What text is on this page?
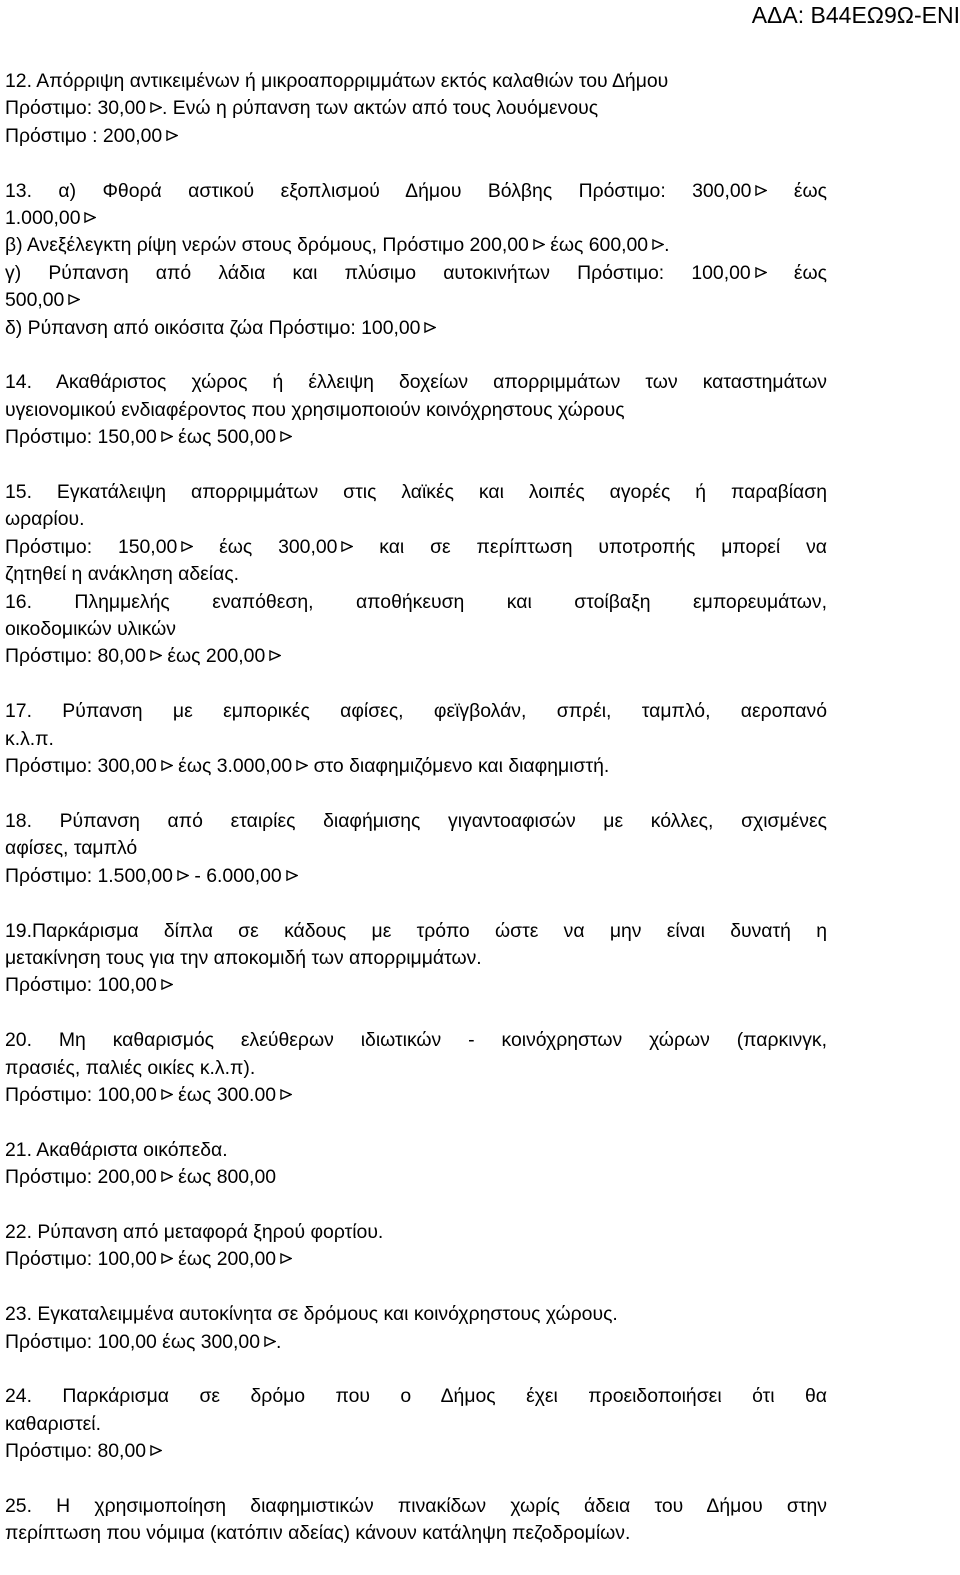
ΑΔΑ: Β44ΕΩ9Ω-ΕΝΙ
12. Απόρριψη αντικειμένων ή μικροαπορριμμάτων εκτός καλαθιών του Δήμου
Πρόστιμο: 30,00 . Ενώ η ρύπανση των ακτών από τους λουόμενους
Πρόστιμο : 200,00
13. α) Φθορά αστικού εξοπλισμού Δήμου Βόλβης Πρόστιμο: 300,00 έως
1.000,00
β) Ανεξέλεγκτη ρίψη νερών στους δρόμους, Πρόστιμο 200,00 έως 600,00 .
γ) Ρύπανση από λάδια και πλύσιμο αυτοκινήτων Πρόστιμο: 100,00 έως
500,00
δ) Ρύπανση από οικόσιτα ζώα Πρόστιμο: 100,00
14. Ακαθάριστος χώρος ή έλλειψη δοχείων απορριμμάτων των καταστημάτων
υγειονομικού ενδιαφέροντος που χρησιμοποιούν κοινόχρηστους χώρους
Πρόστιμο: 150,00 έως 500,00
15. Εγκατάλειψη απορριμμάτων στις λαϊκές και λοιπές αγορές ή παραβίαση
ωραρίου.
Πρόστιμο: 150,00 έως 300,00 και σε περίπτωση υποτροπής μπορεί να
ζητηθεί η ανάκληση αδείας.
16. Πλημμελής εναπόθεση, αποθήκευση και στοίβαξη εμπορευμάτων,
οικοδομικών υλικών
Πρόστιμο: 80,00 έως 200,00
17. Ρύπανση με εμπορικές αφίσες, φεϊγβολάν, σπρέι, ταμπλό, αεροπανό
κ.λ.π.
Πρόστιμο: 300,00 έως 3.000,00 στο διαφημιζόμενο και διαφημιστή.
18. Ρύπανση από εταιρίες διαφήμισης γιγαντοαφισών με κόλλες, σχισμένες
αφίσες, ταμπλό
Πρόστιμο: 1.500,00 - 6.000,00
19.Παρκάρισμα δίπλα σε κάδους με τρόπο ώστε να μην είναι δυνατή η
μετακίνηση τους για την αποκομιδή των απορριμμάτων.
Πρόστιμο: 100,00
20. Μη καθαρισμός ελεύθερων ιδιωτικών - κοινόχρηστων χώρων (παρκινγκ,
πρασιές, παλιές οικίες κ.λ.π).
Πρόστιμο: 100,00 έως 300.00
21. Ακαθάριστα οικόπεδα.
Πρόστιμο: 200,00 έως 800,00
22. Ρύπανση από μεταφορά ξηρού φορτίου.
Πρόστιμο: 100,00 έως 200,00
23. Εγκαταλειμμένα αυτοκίνητα σε δρόμους και κοινόχρηστους χώρους.
Πρόστιμο: 100,00 έως 300,00 .
24. Παρκάρισμα σε δρόμο που ο Δήμος έχει προειδοποιήσει ότι θα
καθαριστεί.
Πρόστιμο: 80,00
25. Η χρησιμοποίηση διαφημιστικών πινακίδων χωρίς άδεια του Δήμου στην
περίπτωση που νόμιμα (κατόπιν αδείας) κάνουν κατάληψη πεζοδρομίων.
